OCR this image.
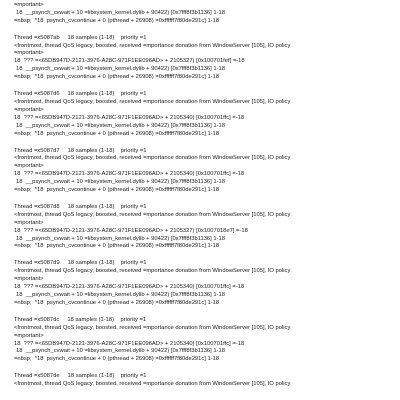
=mportant>
18  __psynch_cvwait + 10 =libsystem_kernel.dylib + 90422) [0x7fff8f3b1136] 1-18
=nbsp;  *18  psynch_cvcontinue + 0 (pthread + 26908) =0xffffff7f80de291c] 1-18
Thread =x5087ab     18 samples (1-18)    priority =1
<frontmost, thread QoS legacy, boosted, received =mportance donation from WindowServer [105], IO policy
=mportant>
18  ??? =<65DB947D-2121-3976-A28C-971F1EE096AD> + 2105327) [0x100701fef] =-18
18  __psynch_cvwait + 10 =libsystem_kernel.dylib + 90422) [0x7fff8f3b1136] 1-18
=nbsp;  *18  psynch_cvcontinue + 0 (pthread + 26908) =0xffffff7f80de291c] 1-18
Thread =x5087d6     18 samples (1-18)    priority =1
<frontmost, thread QoS legacy, boosted, received =mportance donation from WindowServer [105], IO policy
=mportant>
18  ??? =<65DB947D-2121-3976-A28C-971F1EE096AD> + 2105340) [0x100701ffc] =-18
18  __psynch_cvwait + 10 =libsystem_kernel.dylib + 90422) [0x7fff8f3b1136] 1-18
=nbsp;  *18  psynch_cvcontinue + 0 (pthread + 26908) =0xffffff7f80de291c] 1-18
Thread =x5087d7     18 samples (1-18)    priority =1
<frontmost, thread QoS legacy, boosted, received =mportance donation from WindowServer [105], IO policy
=mportant>
18  ??? =<65DB947D-2121-3976-A28C-971F1EE096AD> + 2105340) [0x100701ffc] =-18
18  __psynch_cvwait + 10 =libsystem_kernel.dylib + 90422) [0x7fff8f3b1136] 1-18
=nbsp;  *18  psynch_cvcontinue + 0 (pthread + 26908) =0xffffff7f80de291c] 1-18
Thread =x5087d8     18 samples (1-18)    priority =1
<frontmost, thread QoS legacy, boosted, received =mportance donation from WindowServer [105], IO policy
=mportant>
18  ??? =<65DB947D-2121-3976-A28C-971F1EE096AD> + 2105327) [0x1007018e7] =-18
18  __psynch_cvwait + 10 =libsystem_kernel.dylib + 90422) [0x7fff8f3b1136] 1-18
=nbsp;  *18  psynch_cvcontinue + 0 (pthread + 26908) =0xffffff7f80de291c] 1-18
Thread =x5087d9     18 samples (1-18)    priority =1
<frontmost, thread QoS legacy, boosted, received =mportance donation from WindowServer [105], IO policy
=mportant>
18  ??? =<65DB947D-2121-3976-A28C-971F1EE096AD> + 2105340) [0x100701ffc] =-18
18  __psynch_cvwait + 10 =libsystem_kernel.dylib + 90422) [0x7fff8f3b1136] 1-18
=nbsp;  *18  psynch_cvcontinue + 0 (pthread + 26908) =0xffffff7f80de291c] 1-18
Thread =x5087dc     18 samples (1-18)    priority =1
<frontmost, thread QoS legacy, boosted, received =mportance donation from WindowServer [105], IO policy
=mportant>
18  ??? =<65DB947D-2121-3976-A28C-971F1EE096AD> + 2105340) [0x100701ffc] =-18
18  __psynch_cvwait + 10 =libsystem_kernel.dylib + 90422) [0x7fff8f3b1136] 1-18
=nbsp;  *18  psynch_cvcontinue + 0 (pthread + 26908) =0xffffff7f80de291c] 1-18
Thread =x5087de     18 samples (1-18)    priority =1
<frontmost, thread QoS legacy, boosted, received =mportance donation from WindowServer [105], IO policy
